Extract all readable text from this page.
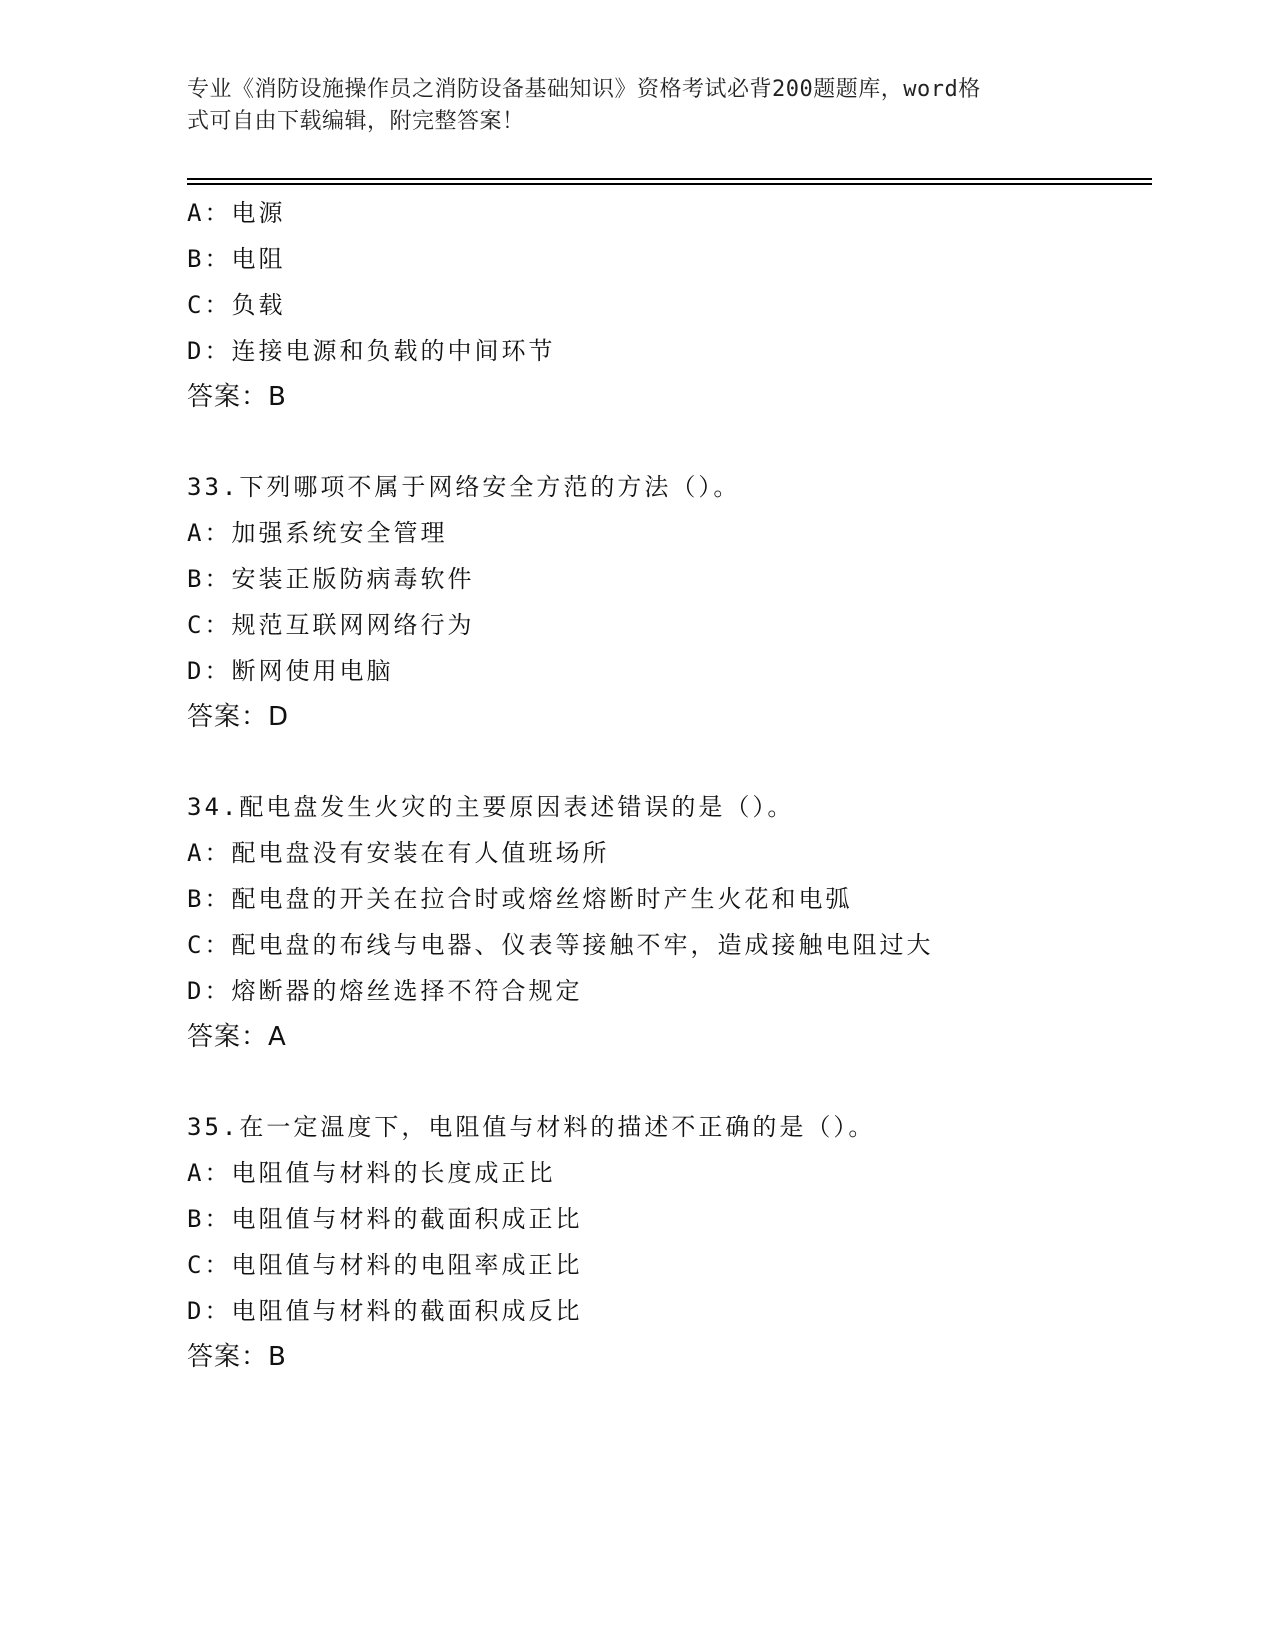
专业《消防设施操作员之消防设备基础知识》资格考试必背200题题库，word格
式可自由下载编辑，附完整答案！
A：电源
B：电阻
C：负载
D：连接电源和负载的中间环节
答案：B
33.下列哪项不属于网络安全方范的方法（）。
A：加强系统安全管理
B：安装正版防病毒软件
C：规范互联网网络行为
D：断网使用电脑
答案：D
34.配电盘发生火灾的主要原因表述错误的是（）。
A：配电盘没有安装在有人值班场所
B：配电盘的开关在拉合时或熔丝熔断时产生火花和电弧
C：配电盘的布线与电器、仪表等接触不牢，造成接触电阻过大
D：熔断器的熔丝选择不符合规定
答案：A
35.在一定温度下，电阻值与材料的描述不正确的是（）。
A：电阻值与材料的长度成正比
B：电阻值与材料的截面积成正比
C：电阻值与材料的电阻率成正比
D：电阻值与材料的截面积成反比
答案：B
